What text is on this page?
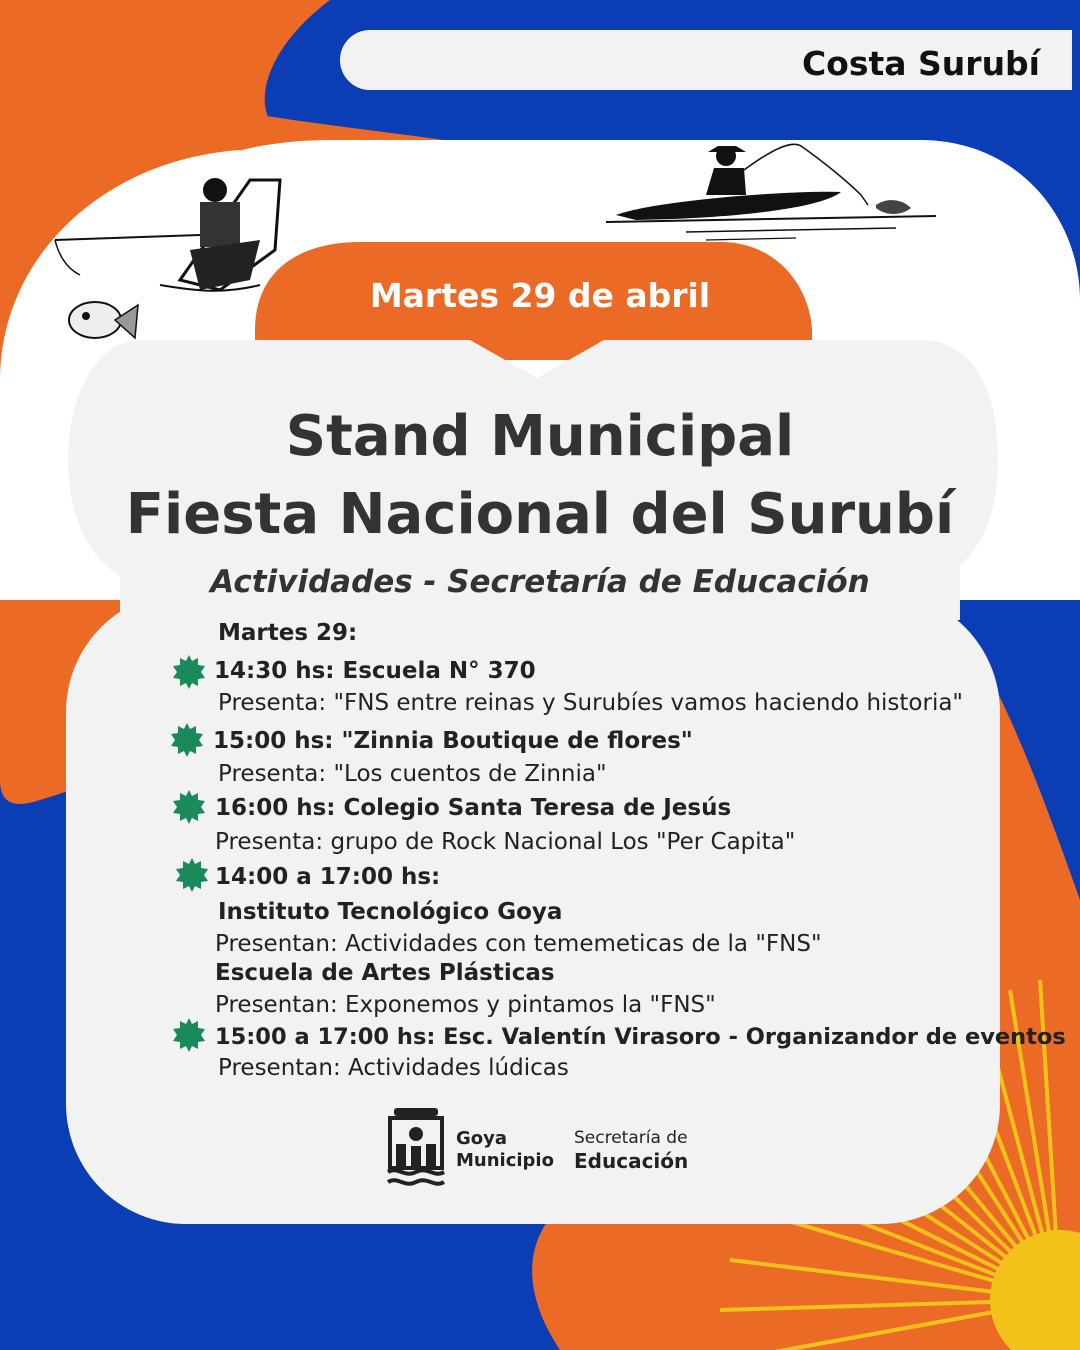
Costa Surubí
Martes 29 de abril
Stand Municipal
Fiesta Nacional del Surubí
Actividades - Secretaría de Educación
Martes 29:
14:30 hs: Escuela N° 370
Presenta: "FNS entre reinas y Surubíes vamos haciendo historia"
15:00 hs: "Zinnia Boutique de flores"
Presenta: "Los cuentos de Zinnia"
16:00 hs: Colegio Santa Teresa de Jesús
Presenta: grupo de Rock Nacional Los "Per Capita"
14:00 a 17:00 hs:
Instituto Tecnológico Goya
Presentan: Actividades con tememeticas de la "FNS"
Escuela de Artes Plásticas
Presentan: Exponemos y pintamos la "FNS"
15:00 a 17:00 hs: Esc. Valentín Virasoro - Organizandor de eventos
Presentan: Actividades lúdicas
Goya
Municipio
Secretaría de
Educación
